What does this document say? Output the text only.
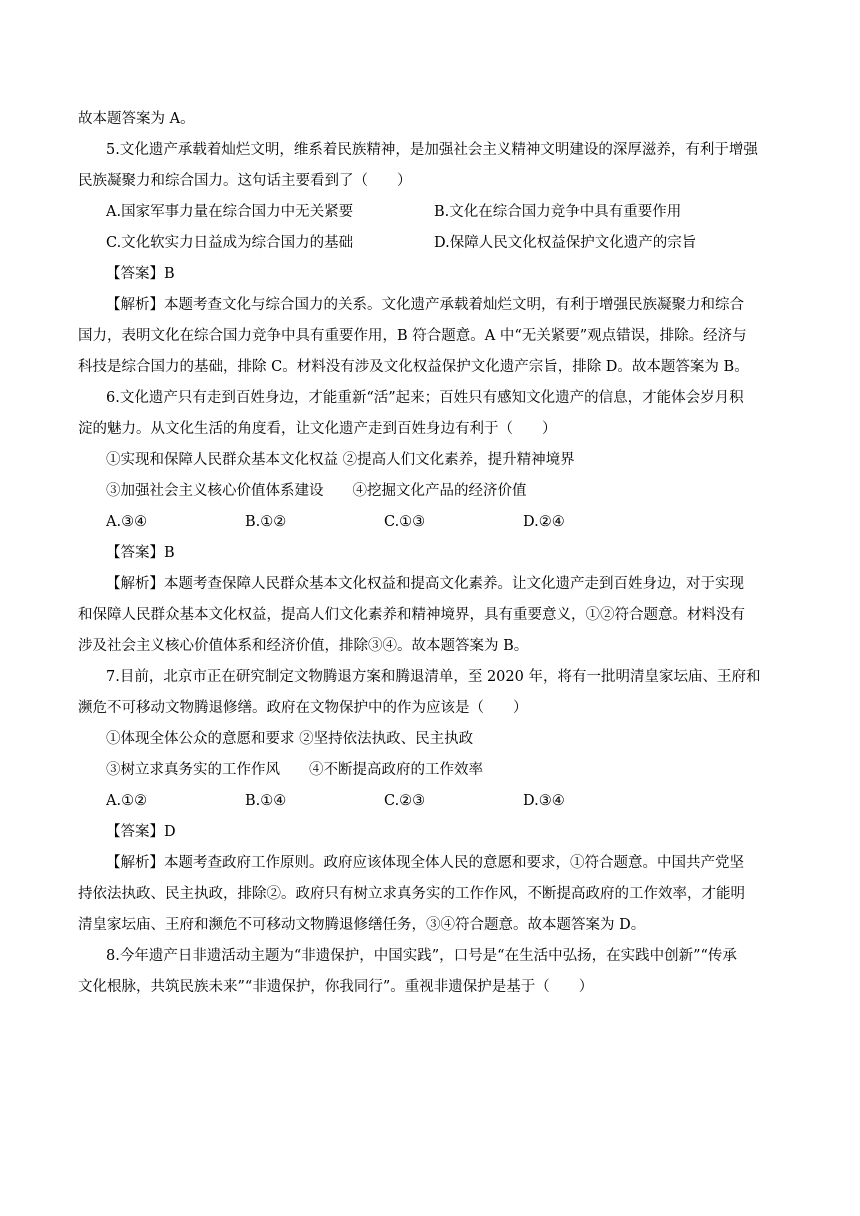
故本题答案为 A。
5.文化遗产承载着灿烂文明，维系着民族精神，是加强社会主义精神文明建设的深厚滋养，有利于增强
民族凝聚力和综合国力。这句话主要看到了（　　）
A.国家军事力量在综合国力中无关紧要	B.文化在综合国力竞争中具有重要作用
C.文化软实力日益成为综合国力的基础	D.保障人民文化权益保护文化遗产的宗旨
【答案】B
【解析】本题考查文化与综合国力的关系。文化遗产承载着灿烂文明，有利于增强民族凝聚力和综合
国力，表明文化在综合国力竞争中具有重要作用，B 符合题意。A 中“无关紧要”观点错误，排除。经济与
科技是综合国力的基础，排除 C。材料没有涉及文化权益保护文化遗产宗旨，排除 D。故本题答案为 B。
6.文化遗产只有走到百姓身边，才能重新“活”起来；百姓只有感知文化遗产的信息，才能体会岁月积
淀的魅力。从文化生活的角度看，让文化遗产走到百姓身边有利于（　　）
①实现和保障人民群众基本文化权益 ②提高人们文化素养，提升精神境界
③加强社会主义核心价值体系建设　　④挖掘文化产品的经济价值
A.③④	B.①②	C.①③	D.②④
【答案】B
【解析】本题考查保障人民群众基本文化权益和提高文化素养。让文化遗产走到百姓身边，对于实现
和保障人民群众基本文化权益，提高人们文化素养和精神境界，具有重要意义，①②符合题意。材料没有
涉及社会主义核心价值体系和经济价值，排除③④。故本题答案为 B。
7.目前，北京市正在研究制定文物腾退方案和腾退清单，至 2020 年，将有一批明清皇家坛庙、王府和
濒危不可移动文物腾退修缮。政府在文物保护中的作为应该是（　　）
①体现全体公众的意愿和要求 ②坚持依法执政、民主执政
③树立求真务实的工作作风　　④不断提高政府的工作效率
A.①②	B.①④	C.②③	D.③④
【答案】D
【解析】本题考查政府工作原则。政府应该体现全体人民的意愿和要求，①符合题意。中国共产党坚
持依法执政、民主执政，排除②。政府只有树立求真务实的工作作风，不断提高政府的工作效率，才能明
清皇家坛庙、王府和濒危不可移动文物腾退修缮任务，③④符合题意。故本题答案为 D。
8.今年遗产日非遗活动主题为“非遗保护，中国实践”，口号是“在生活中弘扬，在实践中创新”“传承
文化根脉，共筑民族未来”“非遗保护，你我同行”。重视非遗保护是基于（　　）
